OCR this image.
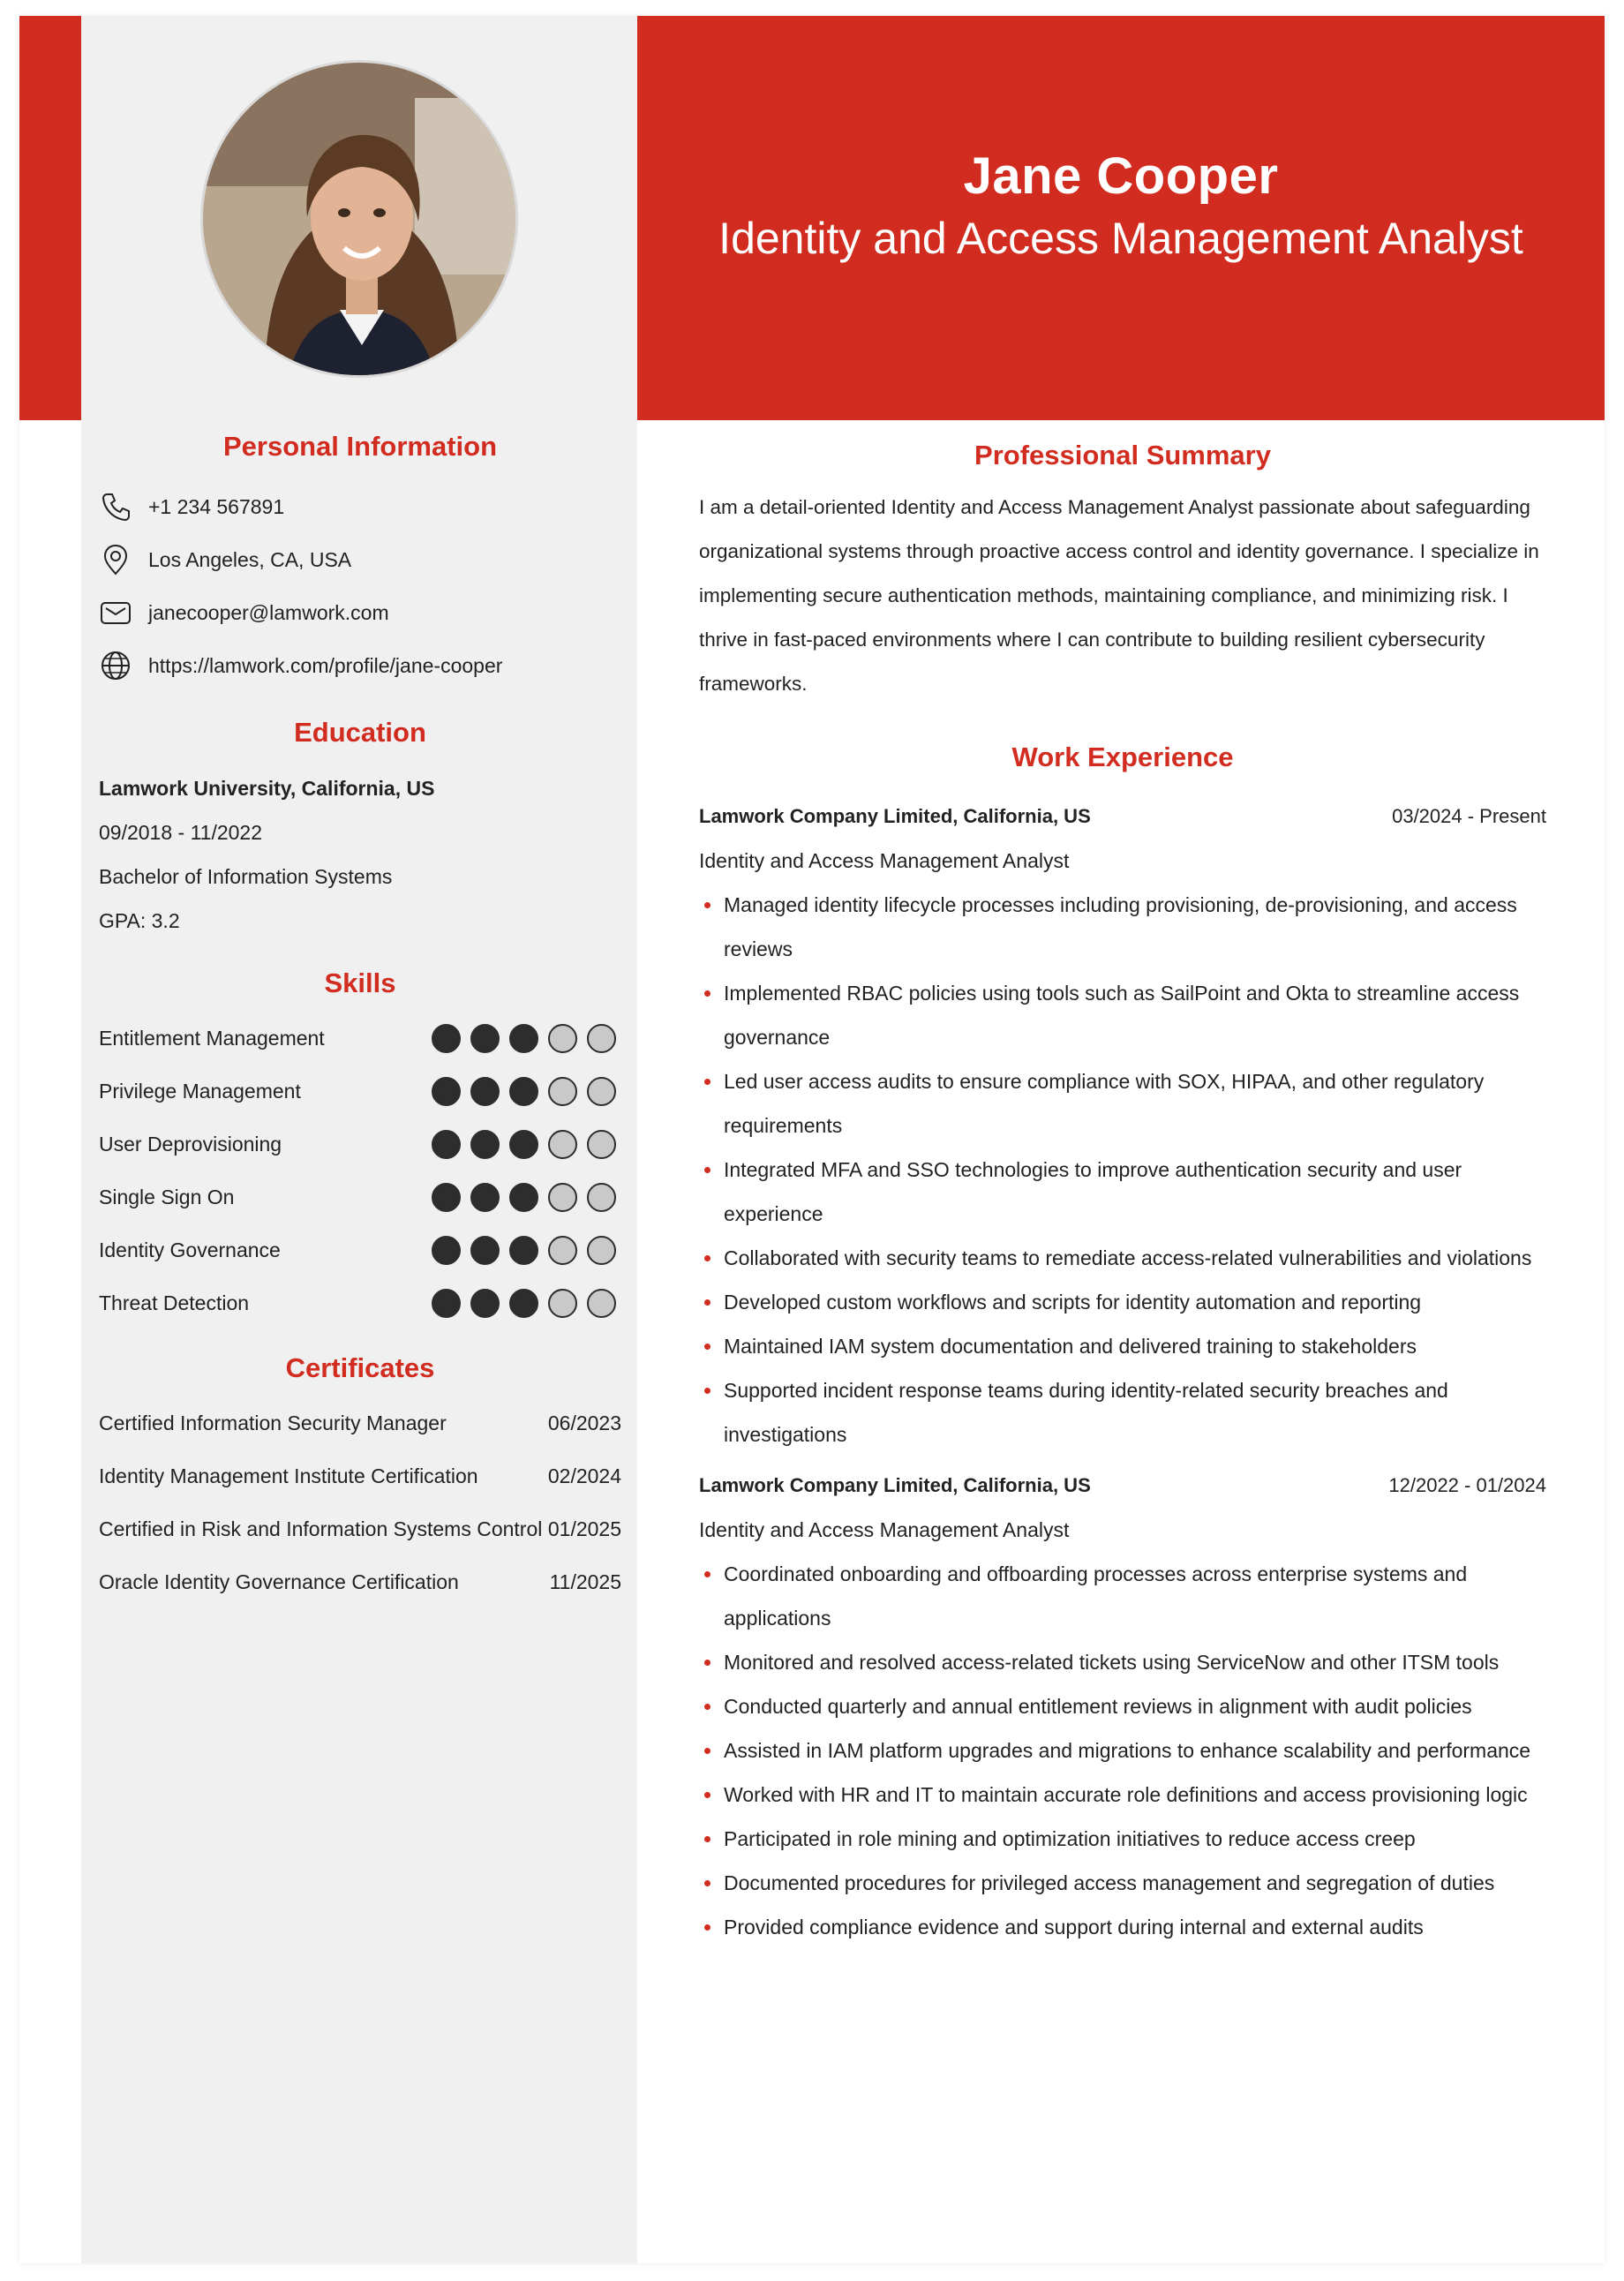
Jane Cooper
Identity and Access Management Analyst
Personal Information
+1 234 567891
Los Angeles, CA, USA
janecooper@lamwork.com
https://lamwork.com/profile/jane-cooper
Education
Lamwork University, California, US
09/2018 - 11/2022
Bachelor of Information Systems
GPA: 3.2
Skills
Entitlement Management
Privilege Management
User Deprovisioning
Single Sign On
Identity Governance
Threat Detection
Certificates
Certified Information Security Manager	06/2023
Identity Management Institute Certification	02/2024
Certified in Risk and Information Systems Control 01/2025
Oracle Identity Governance Certification	11/2025
Professional Summary

I am a detail-oriented Identity and Access Management Analyst passionate about safeguarding organizational systems through proactive access control and identity governance. I specialize in implementing secure authentication methods, maintaining compliance, and minimizing risk. I thrive in fast-paced environments where I can contribute to building resilient cybersecurity frameworks.

Work Experience
Lamwork Company Limited, California, US	03/2024 - Present
Identity and Access Management Analyst
Managed identity lifecycle processes including provisioning, de-provisioning, and access reviews
Implemented RBAC policies using tools such as SailPoint and Okta to streamline access governance
Led user access audits to ensure compliance with SOX, HIPAA, and other regulatory requirements
Integrated MFA and SSO technologies to improve authentication security and user experience
Collaborated with security teams to remediate access-related vulnerabilities and violations
Developed custom workflows and scripts for identity automation and reporting
Maintained IAM system documentation and delivered training to stakeholders
Supported incident response teams during identity-related security breaches and investigations
Lamwork Company Limited, California, US	12/2022 - 01/2024
Identity and Access Management Analyst
Coordinated onboarding and offboarding processes across enterprise systems and applications
Monitored and resolved access-related tickets using ServiceNow and other ITSM tools
Conducted quarterly and annual entitlement reviews in alignment with audit policies
Assisted in IAM platform upgrades and migrations to enhance scalability and performance
Worked with HR and IT to maintain accurate role definitions and access provisioning logic
Participated in role mining and optimization initiatives to reduce access creep
Documented procedures for privileged access management and segregation of duties
Provided compliance evidence and support during internal and external audits
